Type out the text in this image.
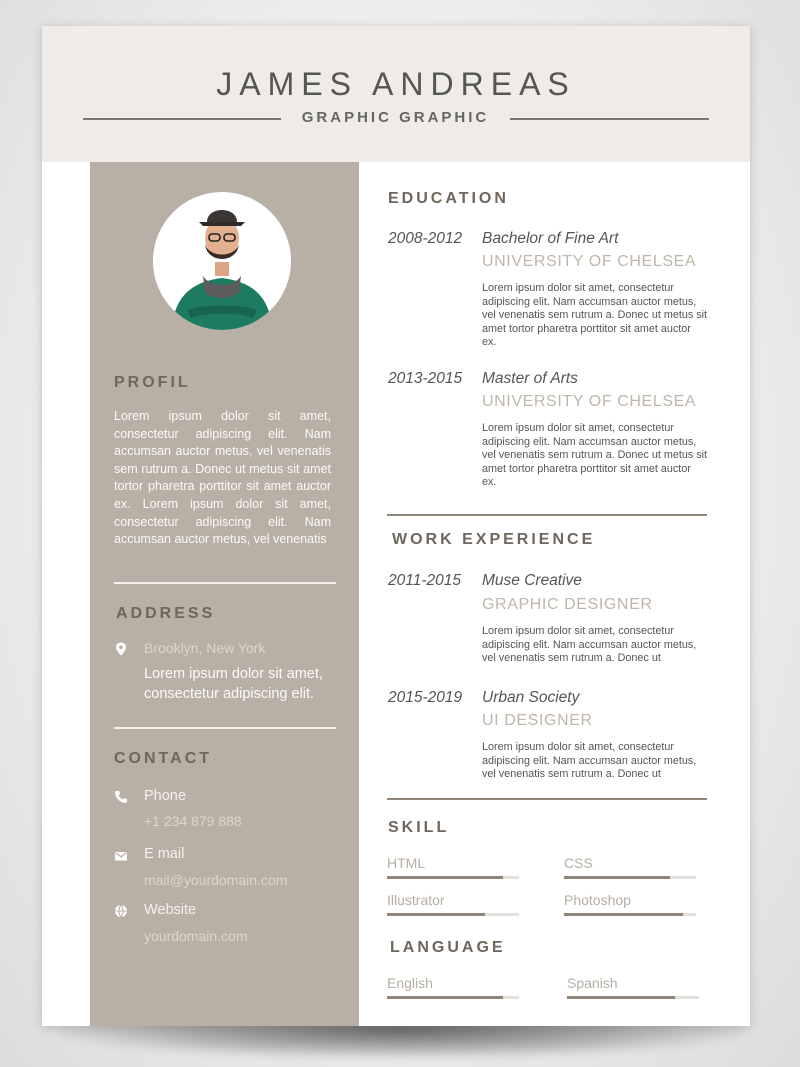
JAMES ANDREAS
GRAPHIC GRAPHIC
PROFIL
Lorem ipsum dolor sit amet, consectetur adipiscing elit. Nam accumsan auctor metus, vel venenatis sem rutrum a. Donec ut metus sit amet tortor pharetra porttitor sit amet auctor ex. Lorem ipsum dolor sit amet, consectetur adipiscing elit. Nam accumsan auctor metus, vel venenatis
ADDRESS
Brooklyn, New York
Lorem ipsum dolor sit amet, consectetur adipiscing elit.
CONTACT
Phone
+1 234 879 888
E mail
mail@yourdomain.com
Website
yourdomain.com
EDUCATION
2008-2012 Bachelor of Fine Art
UNIVERSITY OF CHELSEA
Lorem ipsum dolor sit amet, consectetur adipiscing elit. Nam accumsan auctor metus, vel venenatis sem rutrum a. Donec ut metus sit amet tortor pharetra porttitor sit amet auctor ex.
2013-2015 Master of Arts
UNIVERSITY OF CHELSEA
Lorem ipsum dolor sit amet, consectetur adipiscing elit. Nam accumsan auctor metus, vel venenatis sem rutrum a. Donec ut metus sit amet tortor pharetra porttitor sit amet auctor ex.
WORK EXPERIENCE
2011-2015 Muse Creative
GRAPHIC DESIGNER
Lorem ipsum dolor sit amet, consectetur adipiscing elit. Nam accumsan auctor metus, vel venenatis sem rutrum a. Donec ut
2015-2019 Urban Society
UI DESIGNER
Lorem ipsum dolor sit amet, consectetur adipiscing elit. Nam accumsan auctor metus, vel venenatis sem rutrum a. Donec ut
SKILL
HTML	CSS
Illustrator	Photoshop
LANGUAGE
English	Spanish
